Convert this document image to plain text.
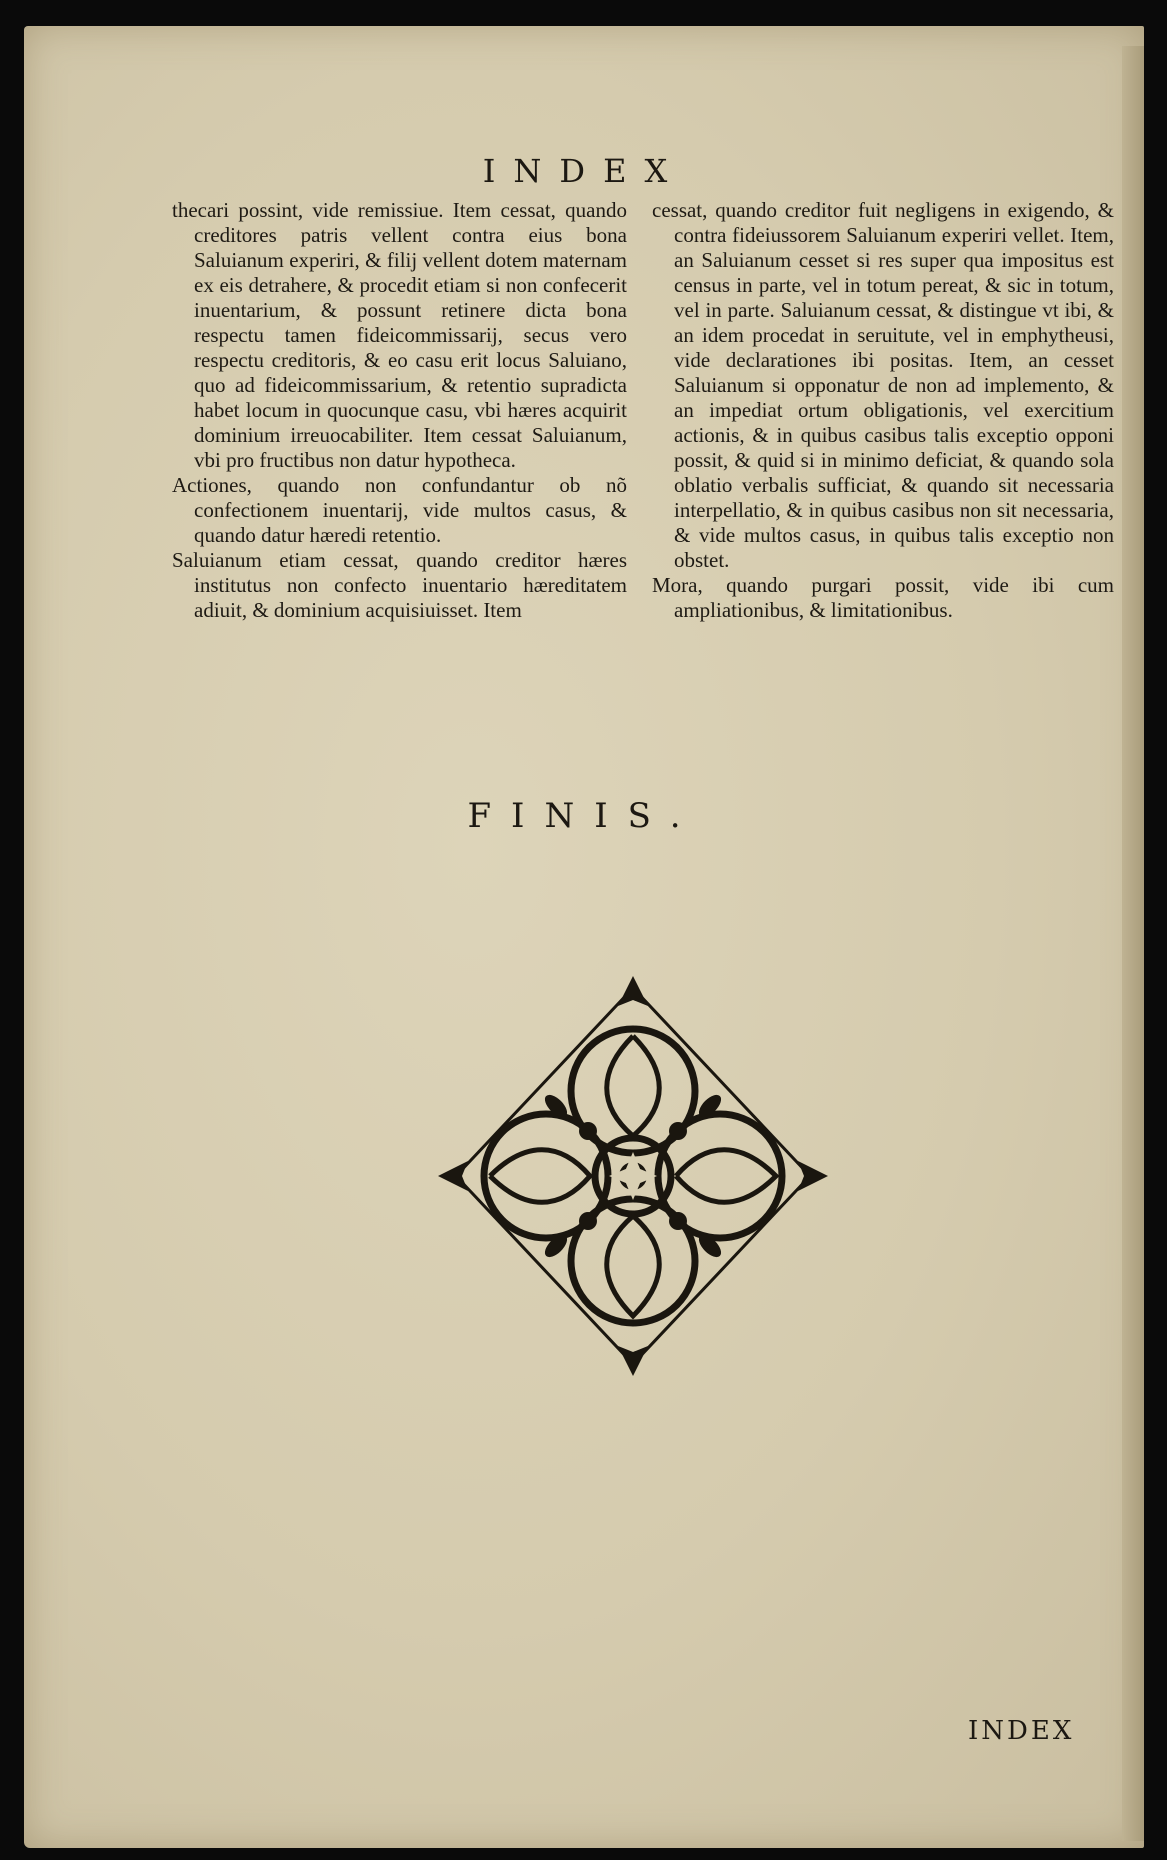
INDEX

thecari possint, vide remissiue. Item cessat, quando creditores patris vellent contra eius bona Saluianum experiri, & filij vellent dotem maternam ex eis detrahere, & procedit etiam si non confecerit inuentarium, & possunt retinere dicta bona respectu tamen fideicommissarij, secus vero respectu creditoris, & eo casu erit locus Saluiano, quo ad fideicommissarium, & retentio supradicta habet locum in quocunque casu, vbi hæres acquirit dominium irreuocabiliter. Item cessat Saluianum, vbi pro fructibus non datur hypotheca.

Actiones, quando non confundantur ob nõ confectionem inuentarij, vide multos casus, & quando datur hæredi retentio.

Saluianum etiam cessat, quando creditor hæres institutus non confecto inuentario hæreditatem adiuit, & dominium acquisiuisset. Item

cessat, quando creditor fuit negligens in exigendo, & contra fideiussorem Saluianum experiri vellet. Item, an Saluianum cesset si res super qua impositus est census in parte, vel in totum pereat, & sic in totum, vel in parte. Saluianum cessat, & distingue vt ibi, & an idem procedat in seruitute, vel in emphytheusi, vide declarationes ibi positas. Item, an cesset Saluianum si opponatur de non ad implemento, & an impediat ortum obligationis, vel exercitium actionis, & in quibus casibus talis exceptio opponi possit, & quid si in minimo deficiat, & quando sola oblatio verbalis sufficiat, & quando sit necessaria interpellatio, & in quibus casibus non sit necessaria, & vide multos casus, in quibus talis exceptio non obstet.

Mora, quando purgari possit, vide ibi cum ampliationibus, & limitationibus.

FINIS.
INDEX
